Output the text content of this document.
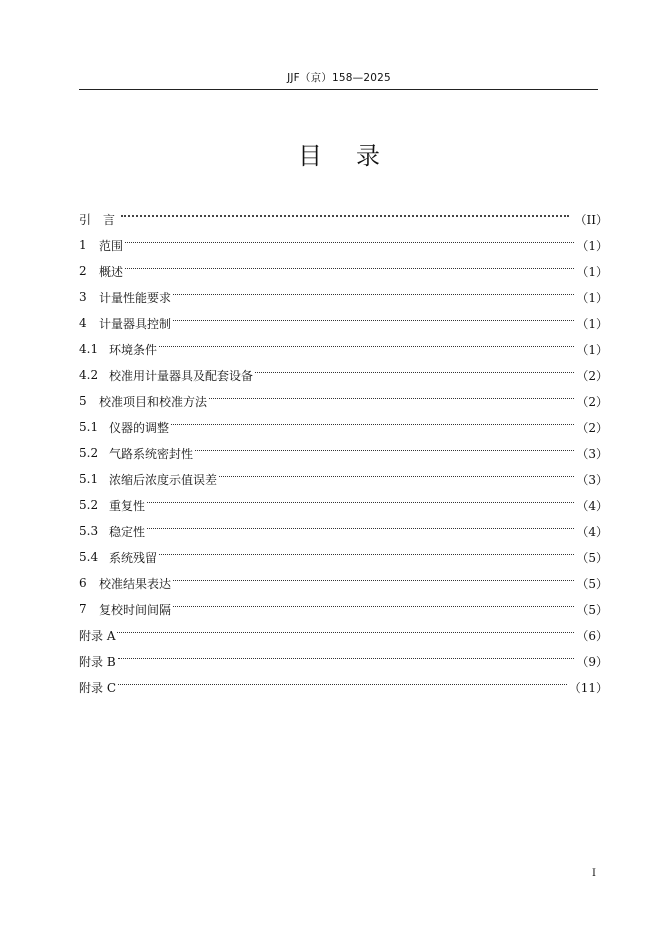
JJF（京）158—2025
目录
引　言	（II）
1	范围	（1）
2	概述	（1）
3	计量性能要求	（1）
4	计量器具控制	（1）
4.1 环境条件	（1）
4.2 校准用计量器具及配套设备	（2）
5	校准项目和校准方法	（2）
5.1 仪器的调整	（2）
5.2 气路系统密封性	（3）
5.1 浓缩后浓度示值误差	（3）
5.2 重复性	（4）
5.3 稳定性	（4）
5.4 系统残留	（5）
6	校准结果表达	（5）
7	复校时间间隔	（5）
附录 A	（6）
附录 B	（9）
附录 C	（11）
I
